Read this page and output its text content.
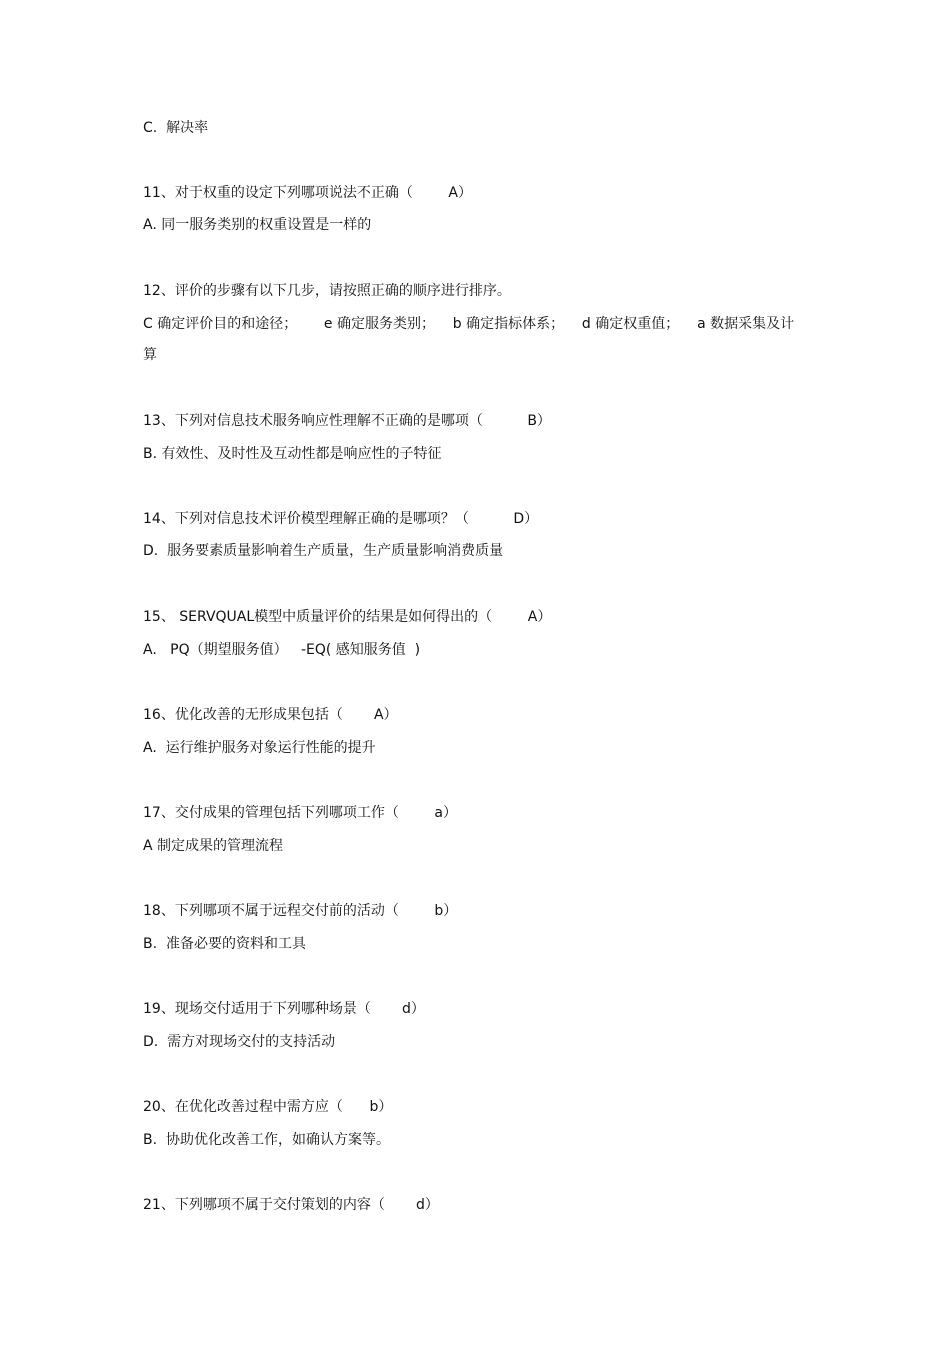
C.  解决率
11、对于权重的设定下列哪项说法不正确（        A）
A. 同一服务类别的权重设置是一样的
12、评价的步骤有以下几步，请按照正确的顺序进行排序。
C 确定评价目的和途径；      e 确定服务类别；    b 确定指标体系；    d 确定权重值；    a 数据采集及计
算
13、下列对信息技术服务响应性理解不正确的是哪项（          B）
B. 有效性、及时性及互动性都是响应性的子特征
14、下列对信息技术评价模型理解正确的是哪项？（          D）
D.  服务要素质量影响着生产质量，生产质量影响消费质量
15、 SERVQUAL模型中质量评价的结果是如何得出的（        A）
A.   PQ（期望服务值）   -EQ( 感知服务值  )
16、优化改善的无形成果包括（       A）
A.  运行维护服务对象运行性能的提升
17、交付成果的管理包括下列哪项工作（        a）
A 制定成果的管理流程
18、下列哪项不属于远程交付前的活动（        b）
B.  准备必要的资料和工具
19、现场交付适用于下列哪种场景（       d）
D.  需方对现场交付的支持活动
20、在优化改善过程中需方应（      b）
B.  协助优化改善工作，如确认方案等。
21、下列哪项不属于交付策划的内容（       d）
